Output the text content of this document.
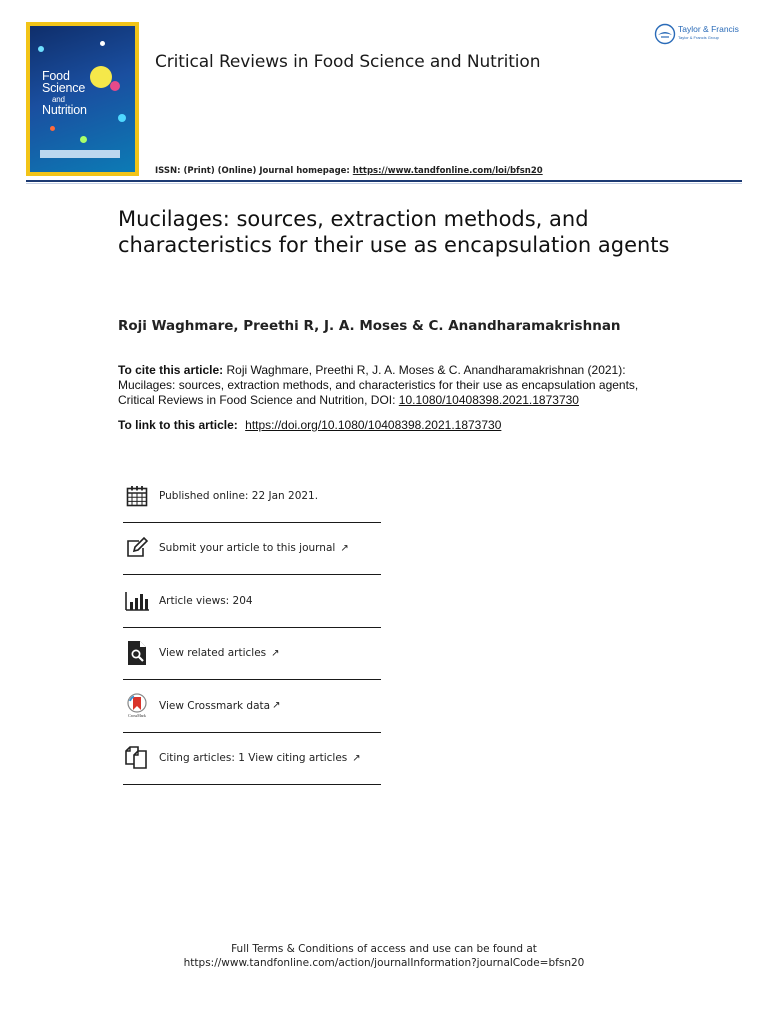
Food
Science
and
Nutrition
Critical Reviews in Food Science and Nutrition
Taylor & Francis
Taylor & Francis Group
ISSN: (Print) (Online) Journal homepage: https://www.tandfonline.com/loi/bfsn20
Mucilages: sources, extraction methods, and characteristics for their use as encapsulation agents
Roji Waghmare, Preethi R, J. A. Moses & C. Anandharamakrishnan
To cite this article: Roji Waghmare, Preethi R, J. A. Moses & C. Anandharamakrishnan (2021): Mucilages: sources, extraction methods, and characteristics for their use as encapsulation agents, Critical Reviews in Food Science and Nutrition, DOI: 10.1080/10408398.2021.1873730
To link to this article: https://doi.org/10.1080/10408398.2021.1873730
Published online: 22 Jan 2021.
Submit your article to this journal ↗
Article views: 204
View related articles ↗
CrossMark
View Crossmark data ↗
Citing articles: 1 View citing articles ↗
Full Terms & Conditions of access and use can be found at
https://www.tandfonline.com/action/journalInformation?journalCode=bfsn20
